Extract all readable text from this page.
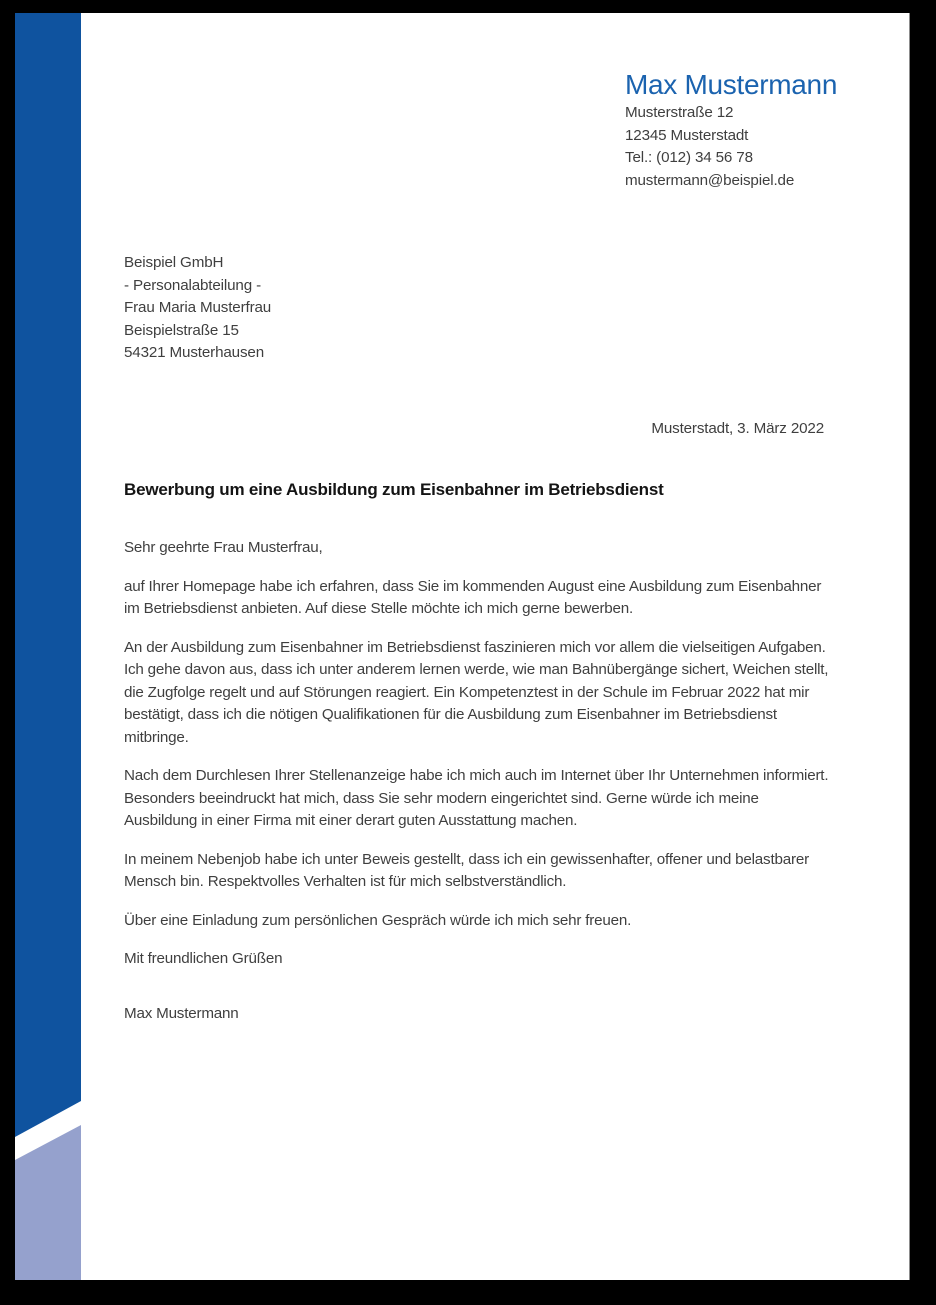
Max Mustermann
Musterstraße 12
12345 Musterstadt
Tel.: (012) 34 56 78
mustermann@beispiel.de
Beispiel GmbH
- Personalabteilung -
Frau Maria Musterfrau
Beispielstraße 15
54321 Musterhausen
Musterstadt, 3. März 2022
Bewerbung um eine Ausbildung zum Eisenbahner im Betriebsdienst

Sehr geehrte Frau Musterfrau,

auf Ihrer Homepage habe ich erfahren, dass Sie im kommenden August eine Ausbildung zum Eisenbahner im Betriebsdienst anbieten. Auf diese Stelle möchte ich mich gerne bewerben.

An der Ausbildung zum Eisenbahner im Betriebsdienst faszinieren mich vor allem die vielseitigen Aufgaben. Ich gehe davon aus, dass ich unter anderem lernen werde, wie man Bahnübergänge sichert, Weichen stellt, die Zugfolge regelt und auf Störungen reagiert. Ein Kompetenztest in der Schule im Februar 2022 hat mir bestätigt, dass ich die nötigen Qualifikationen für die Ausbildung zum Eisenbahner im Betriebsdienst mitbringe.

Nach dem Durchlesen Ihrer Stellenanzeige habe ich mich auch im Internet über Ihr Unternehmen informiert. Besonders beeindruckt hat mich, dass Sie sehr modern eingerichtet sind. Gerne würde ich meine Ausbildung in einer Firma mit einer derart guten Ausstattung machen.

In meinem Nebenjob habe ich unter Beweis gestellt, dass ich ein gewissenhafter, offener und belastbarer Mensch bin. Respektvolles Verhalten ist für mich selbstverständlich.

Über eine Einladung zum persönlichen Gespräch würde ich mich sehr freuen.

Mit freundlichen Grüßen

Max Mustermann
